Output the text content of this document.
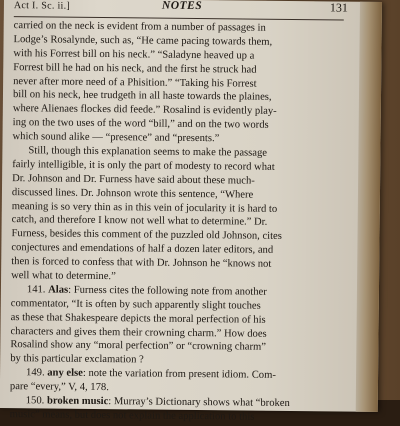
Act I. Sc. ii.]	NOTES	131
carried on the neck is evident from a number of passages in
Lodge’s Rosalynde, such as, “He came pacing towards them,
with his Forrest bill on his neck.” “Saladyne heaved up a
Forrest bill he had on his neck, and the first he struck had
never after more need of a Phisition.” “Taking his Forrest
bill on his neck, hee trudgeth in all haste towards the plaines,
where Alienaes flockes did feede.” Rosalind is evidently play-
ing on the two uses of the word “bill,” and on the two words
which sound alike — “presence” and “presents.”
Still, though this explanation seems to make the passage
fairly intelligible, it is only the part of modesty to record what
Dr. Johnson and Dr. Furness have said about these much-
discussed lines. Dr. Johnson wrote this sentence, “Where
meaning is so very thin as in this vein of jocularity it is hard to
catch, and therefore I know not well what to determine.” Dr.
Furness, besides this comment of the puzzled old Johnson, cites
conjectures and emendations of half a dozen later editors, and
then is forced to confess that with Dr. Johnson he “knows not
well what to determine.”
141. Alas: Furness cites the following note from another
commentator, “It is often by such apparently slight touches
as these that Shakespeare depicts the moral perfection of his
characters and gives them their crowning charm.” How does
Rosalind show any “moral perfection” or “crowning charm”
by this particular exclamation ?
149. any else: note the variation from present idiom. Com-
pare “every,” V, 4, 178.
150. broken music: Murray’s Dictionary shows what “broken
music” means, but does not explain the application to this
